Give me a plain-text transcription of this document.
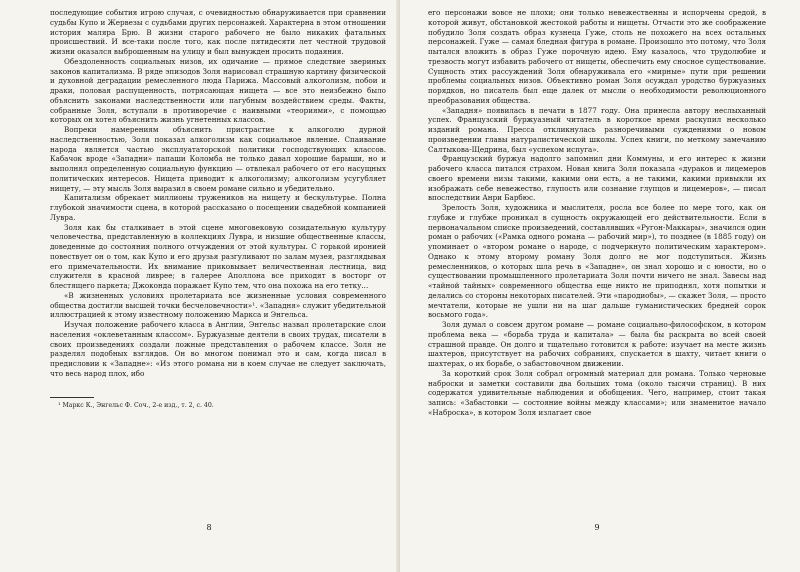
последующие события игрою случая, с очевидностью обнаруживается при сравнении судьбы Купо и Жервезы с судьбами других персонажей. Характерна в этом отношении история маляра Брю. В жизни старого рабочего не было никаких фатальных происшествий. И все-таки после того, как после пятидесяти лет честной трудовой жизни оказался выброшенным на улицу и был вынужден просить подаяния.

Обездоленность социальных низов, их одичание — прямое следствие звериных законов капитализма. В ряде эпизодов Золя нарисовал страшную картину физической и духовной деградации ремесленного люда Парижа. Массовый алкоголизм, побои и драки, половая распущенность, потрясающая нищета — все это неизбежно было объяснить законами наследственности или пагубным воздействием среды. Факты, собранные Золя, вступали в противоречие с наивными «теориями», с помощью которых он хотел объяснить жизнь угнетенных классов.

Вопреки намерениям объяснить пристрастие к алкоголю дурной наследственностью, Золя показал алкоголизм как социальное явление. Спаивание народа является частью эксплуататорской политики господствующих классов. Кабачок вроде «Западни» папаши Коломба не только давал хорошие барыши, но и выполнял определенную социальную функцию — отвлекал рабочего от его насущных политических интересов. Нищета приводит к алкоголизму; алкоголизм усугубляет нищету, — эту мысль Золя выразил в своем романе сильно и убедительно.

Капитализм обрекает миллионы тружеников на нищету и бескультурье. Полна глубокой значимости сцена, в которой рассказано о посещении свадебной компанией Лувра.

Золя как бы сталкивает в этой сцене многовековую созидательную культуру человечества, представленную в коллекциях Лувра, и низшие общественные классы, доведенные до состояния полного отчуждения от этой культуры. С горькой иронией повествует он о том, как Купо и его друзья разгуливают по залам музея, разглядывая его примечательности. Их внимание приковывает величественная лестница, вид служителя в красной ливрее; в галерее Аполлона все приходят в восторг от блестящего паркета; Джоконда поражает Купо тем, что она похожа на его тетку...

«В жизненных условиях пролетариата все жизненные условия современного общества достигли высшей точки бесчеловечности»¹. «Западня» служит убедительной иллюстрацией к этому известному положению Маркса и Энгельса.

Изучая положение рабочего класса в Англии, Энгельс назвал пролетарские слои населения «оклеветанным классом». Буржуазные деятели в своих трудах, писатели в своих произведениях создали ложные представления о рабочем классе. Золя не разделял подобных взглядов. Он во многом понимал это и сам, когда писал в предисловии к «Западне»: «Из этого романа ни в коем случае не следует заключать, что весь народ плох, ибо

¹ Маркс К., Энгельс Ф. Соч., 2-е изд., т. 2, с. 40.

8

его персонажи вовсе не плохи; они только невежественны и испорчены средой, в которой живут, обстановкой жестокой работы и нищеты. Отчасти это же соображение побудило Золя создать образ кузнеца Гуже, столь не похожего на всех остальных персонажей. Гуже — самая бледная фигура в романе. Произошло это потому, что Золя пытался вложить в образ Гуже порочную идею. Ему казалось, что трудолюбие и трезвость могут избавить рабочего от нищеты, обеспечить ему сносное существование. Сущность этих рассуждений Золя обнаруживала его «мирные» пути при решении проблемы социальных низов. Объективно роман Золя осуждал уродство буржуазных порядков, но писатель был еще далек от мысли о необходимости революционного преобразования общества.

«Западня» появилась в печати в 1877 году. Она принесла автору неслыханный успех. Французский буржуазный читатель в короткое время раскупил несколько изданий романа. Пресса откликнулась разноречивыми суждениями о новом произведении главы натуралистической школы. Успех книги, по меткому замечанию Салтыкова-Щедрина, был «успехом испуга».

Французский буржуа надолго запомнил дни Коммуны, и его интерес к жизни рабочего класса питался страхом. Новая книга Золя показала «дураков и лицемеров своего времени низы такими, какими они есть, а не такими, какими привыкли их изображать себе невежество, глупость или сознание глупцов и лицемеров», — писал впоследствии Анри Барбюс.

Зрелость Золя, художника и мыслителя, росла все более по мере того, как он глубже и глубже проникал в сущность окружающей его действительности. Если в первоначальном списке произведений, составлявших «Ругон-Маккары», значился один роман о рабочих («Рамка одного романа — рабочий мир»), то позднее (в 1885 году) он упоминает о «втором романе о народе, с подчеркнуто политическим характером». Однако к этому второму роману Золя долго не мог подступиться. Жизнь ремесленников, о которых шла речь в «Западне», он знал хорошо и с юности, но о существовании промышленного пролетариата Золя почти ничего не знал. Завесы над «тайной тайных» современного общества еще никто не приподнял, хотя попытки и делались со стороны некоторых писателей. Эти «пародиобы», — скажет Золя, — просто мечтатели, которые не ушли ни на шаг дальше гуманистических бредней сорок восьмого года».

Золя думал о совсем другом романе — романе социально-философском, в котором проблема века — «борьба труда и капитала» — была бы раскрыта во всей своей страшной правде. Он долго и тщательно готовится к работе: изучает на месте жизнь шахтеров, присутствует на рабочих собраниях, спускается в шахту, читает книги о шахтерах, о их борьбе, о забастовочном движении.

За короткий срок Золя собрал огромный материал для романа. Только черновые наброски и заметки составили два больших тома (около тысячи страниц). В них содержатся удивительные наблюдения и обобщения. Чего, например, стоит такая запись: «Забастовки — состояние войны между классами»; или знаменитое начало «Наброска», в котором Золя излагает свое

9
